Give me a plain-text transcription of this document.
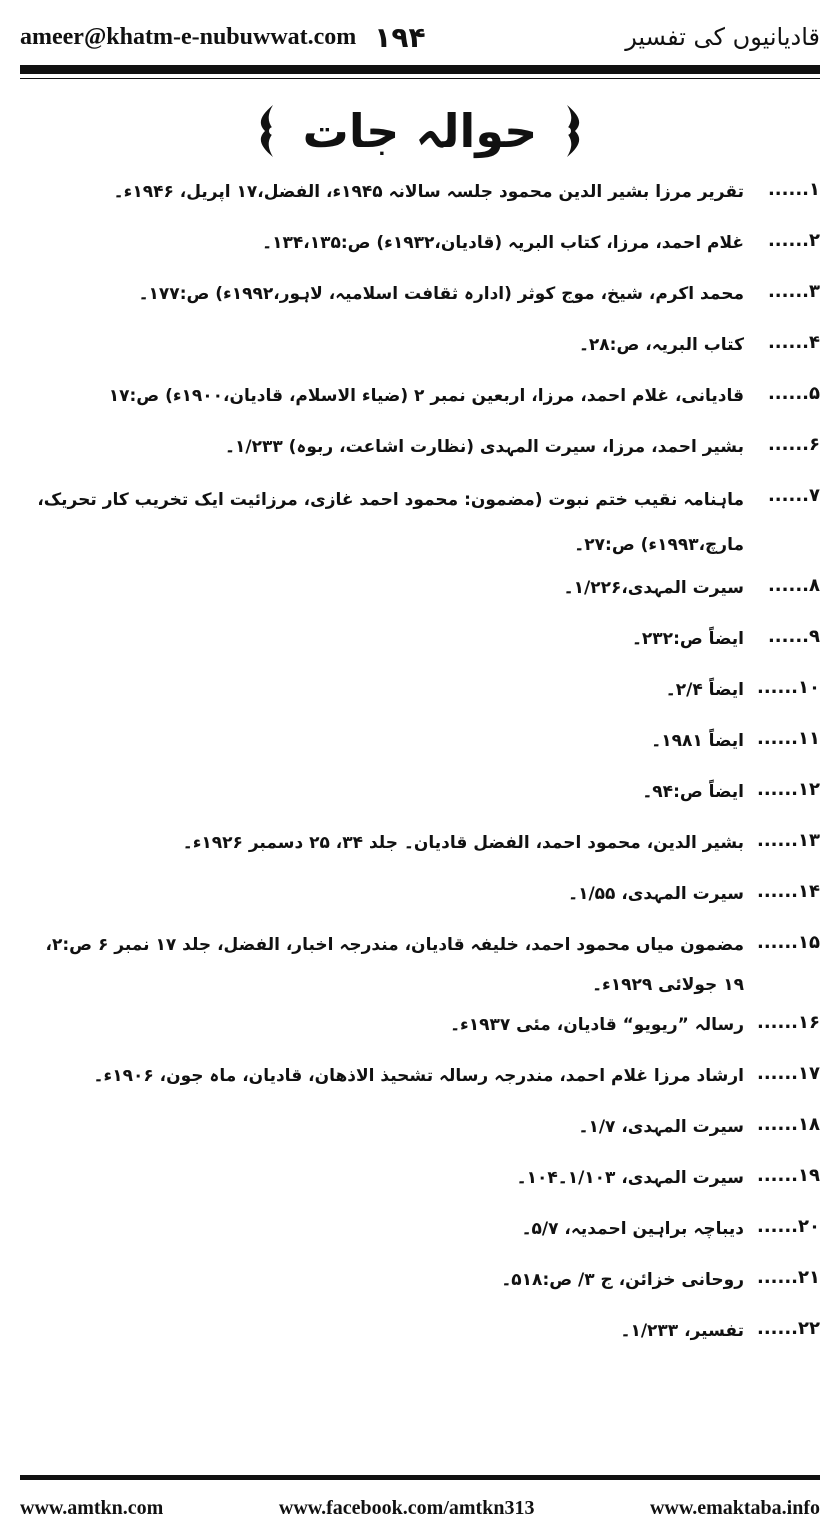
ameer@khatm-e-nubuwwat.com ۱۹۴	قادیانیوں کی تفسیر
حوالہ جات
۱......
تقریر مرزا بشیر الدین محمود جلسہ سالانہ ۱۹۴۵ء، الفضل،۱۷ اپریل، ۱۹۴۶ء۔
۲......
غلام احمد، مرزا، کتاب البریہ (قادیان،۱۹۳۲ء) ص:۱۳۴،۱۳۵۔
۳......
محمد اکرم، شیخ، موج کوثر (ادارہ ثقافت اسلامیہ، لاہور،۱۹۹۲ء) ص:۱۷۷۔
۴......
کتاب البریہ، ص:۲۸۔
۵......
قادیانی، غلام احمد، مرزا، اربعین نمبر ۲ (ضیاء الاسلام، قادیان،۱۹۰۰ء) ص:۱۷
۶......
بشیر احمد، مرزا، سیرت المہدی (نظارت اشاعت، ربوہ) ۱/۲۳۳۔
۷......
ماہنامہ نقیب ختم نبوت (مضمون: محمود احمد غازی، مرزائیت ایک تخریب کار تحریک، مارچ،۱۹۹۳ء) ص:۲۷۔
۸......
سیرت المہدی،۱/۲۲۶۔
۹......
ایضاً ص:۲۳۲۔
۱۰......
ایضاً ۲/۴۔
۱۱......
ایضاً ۱۹۸۱۔
۱۲......
ایضاً ص:۹۴۔
۱۳......
بشیر الدین، محمود احمد، الفضل قادیان۔ جلد ۳۴، ۲۵ دسمبر ۱۹۲۶ء۔
۱۴......
سیرت المہدی، ۱/۵۵۔
۱۵......
مضمون میاں محمود احمد، خلیفہ قادیان، مندرجہ اخبار، الفضل، جلد ۱۷ نمبر ۶ ص:۲، ۱۹ جولائی ۱۹۲۹ء۔
۱۶......
رسالہ ”ریویو“ قادیان، مئی ۱۹۳۷ء۔
۱۷......
ارشاد مرزا غلام احمد، مندرجہ رسالہ تشحیذ الاذھان، قادیان، ماہ جون، ۱۹۰۶ء۔
۱۸......
سیرت المہدی، ۱/۷۔
۱۹......
سیرت المہدی، ۱/۱۰۳۔۱۰۴۔
۲۰......
دیباچہ براہین احمدیہ، ۵/۷۔
۲۱......
روحانی خزائن، ج ۳/ ص:۵۱۸۔
۲۲......
تفسیر، ۱/۲۳۳۔
www.amtkn.com	www.facebook.com/amtkn313	www.emaktaba.info
